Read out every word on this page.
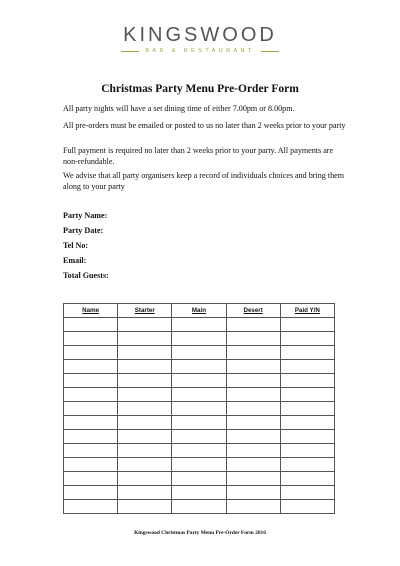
KINGSWOOD
BAR & RESTAURANT
Christmas Party Menu Pre-Order Form
All party nights will have a set dining time of either 7.00pm or 8.00pm.
All pre-orders must be emailed or posted to us no later than 2 weeks prior to your party
Full payment is required no later than 2 weeks prior to your party. All payments are non-refundable.
We advise that all party organisers keep a record of individuals choices and bring them along to your party
Party Name:
Party Date:
Tel No:
Email:
Total Guests:
Name	Starter	Main	Desert	Paid Y/N

Kingswood Christmas Party Menu Pre-Order Form 2016
